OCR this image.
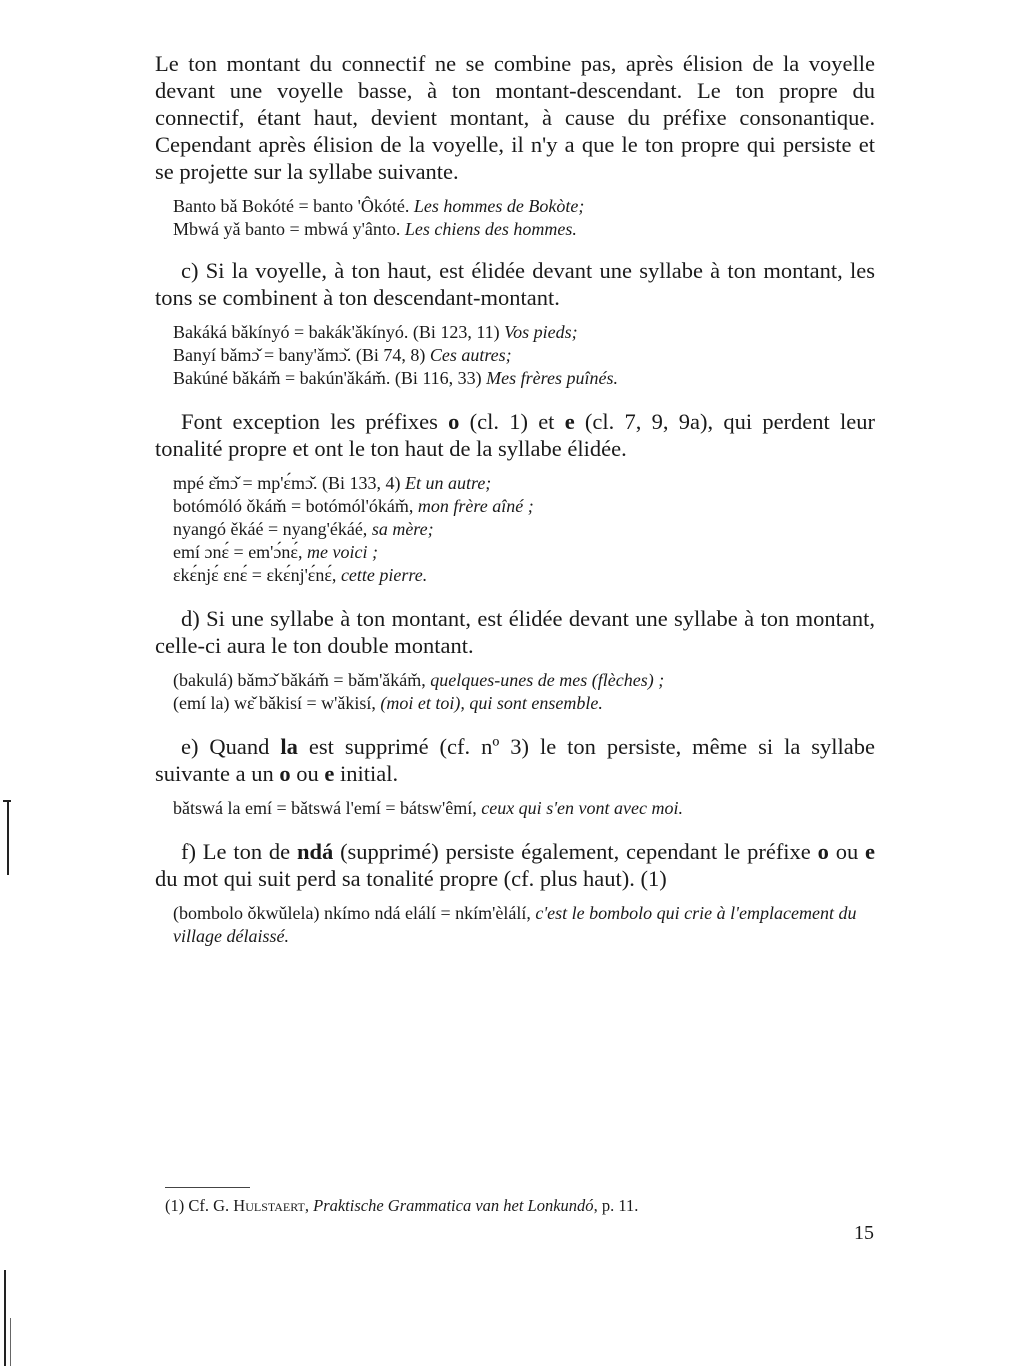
Le ton montant du connectif ne se combine pas, après élision de la voyelle devant une voyelle basse, à ton montant-descendant. Le ton propre du connectif, étant haut, devient montant, à cause du préfixe consonantique. Cependant après élision de la voyelle, il n'y a que le ton propre qui persiste et se projette sur la syllabe suivante.

Banto bǎ Bokóté = banto 'Ôkóté. Les hommes de Bokòte;

Mbwá yǎ banto = mbwá y'ânto. Les chiens des hommes.

c) Si la voyelle, à ton haut, est élidée devant une syllabe à ton montant, les tons se combinent à ton descendant-montant.

Bakáká bǎkínyó = bakák'ǎkínyó. (Bi 123, 11) Vos pieds;

Banyí bǎmɔ̌ = bany'ǎmɔ̌. (Bi 74, 8) Ces autres;

Bakúné bǎkám̌ = bakún'ǎkám̌. (Bi 116, 33) Mes frères puînés.

Font exception les préfixes o (cl. 1) et e (cl. 7, 9, 9a), qui perdent leur tonalité propre et ont le ton haut de la syllabe élidée.

mpé ɛ̌mɔ̌ = mp'ɛ́mɔ̌. (Bi 133, 4) Et un autre;

botómóló ǒkám̌ = botómól'ókám̌, mon frère aîné ;

nyangó ěkáé = nyang'ékáé, sa mère;

emí ɔnɛ́ = em'ɔ́nɛ́, me voici ;

ɛkɛ́njɛ́ ɛnɛ́ = ɛkɛ́nj'ɛ́nɛ́, cette pierre.

d) Si une syllabe à ton montant, est élidée devant une syllabe à ton montant, celle-ci aura le ton double montant.

(bakulá) bǎmɔ̌ bǎkám̌ = bǎm'ǎkám̌, quelques-unes de mes (flèches) ;

(emí la) wɛ̌ bǎkisí = w'ǎkisí, (moi et toi), qui sont ensemble.

e) Quand la est supprimé (cf. nº 3) le ton persiste, même si la syllabe suivante a un o ou e initial.

bǎtswá la emí = bǎtswá l'emí = bátsw'êmí, ceux qui s'en vont avec moi.

f) Le ton de ndá (supprimé) persiste également, cependant le préfixe o ou e du mot qui suit perd sa tonalité propre (cf. plus haut). (1)

(bombolo ǒkwǔlela) nkímo ndá elálí = nkím'èlálí, c'est le bombolo qui crie à l'emplacement du village délaissé.

(1) Cf. G. Hulstaert, Praktische Grammatica van het Lonkundó, p. 11.

15
